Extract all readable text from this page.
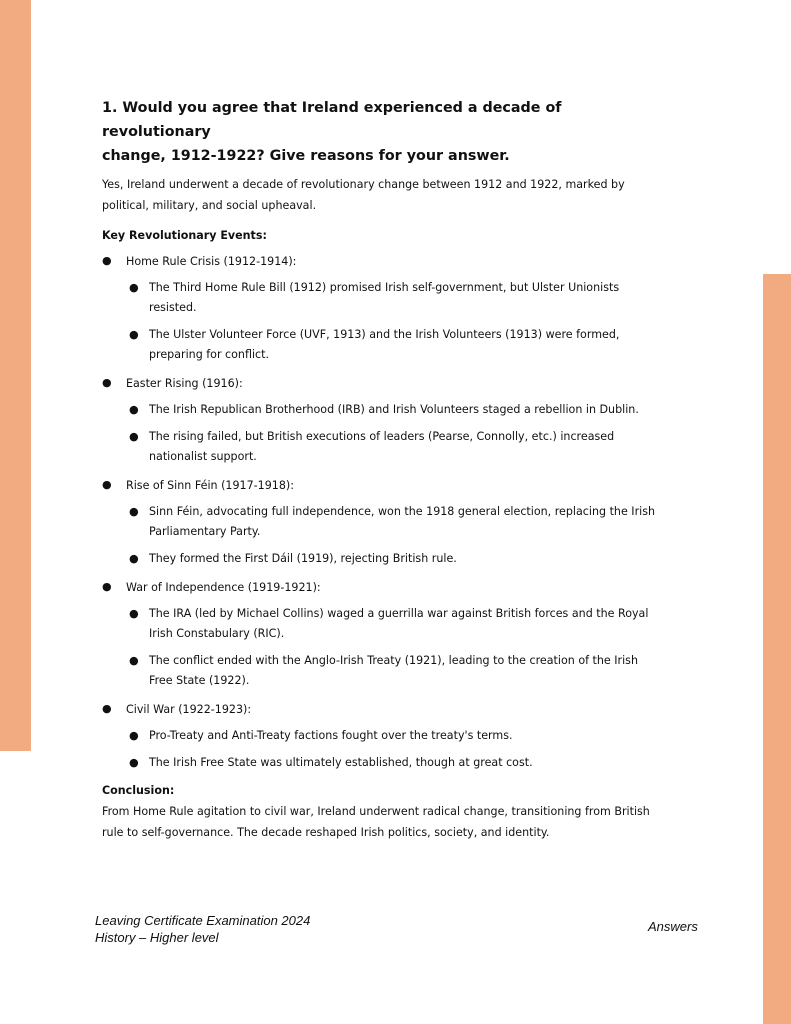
1. Would you agree that Ireland experienced a decade of revolutionary
change, 1912-1922? Give reasons for your answer.

Yes, Ireland underwent a decade of revolutionary change between 1912 and 1922, marked by political, military, and social upheaval.

Key Revolutionary Events:

● Home Rule Crisis (1912-1914):
● The Third Home Rule Bill (1912) promised Irish self-government, but Ulster Unionists resisted.
● The Ulster Volunteer Force (UVF, 1913) and the Irish Volunteers (1913) were formed, preparing for conflict.
● Easter Rising (1916):
● The Irish Republican Brotherhood (IRB) and Irish Volunteers staged a rebellion in Dublin.
● The rising failed, but British executions of leaders (Pearse, Connolly, etc.) increased nationalist support.
● Rise of Sinn Féin (1917-1918):
● Sinn Féin, advocating full independence, won the 1918 general election, replacing the Irish Parliamentary Party.
● They formed the First Dáil (1919), rejecting British rule.
● War of Independence (1919-1921):
● The IRA (led by Michael Collins) waged a guerrilla war against British forces and the Royal Irish Constabulary (RIC).
● The conflict ended with the Anglo-Irish Treaty (1921), leading to the creation of the Irish Free State (1922).
● Civil War (1922-1923):
● Pro-Treaty and Anti-Treaty factions fought over the treaty's terms.
● The Irish Free State was ultimately established, though at great cost.

Conclusion:

From Home Rule agitation to civil war, Ireland underwent radical change, transitioning from British rule to self-governance. The decade reshaped Irish politics, society, and identity.

Leaving Certificate Examination 2024
History – Higher level
Answers
